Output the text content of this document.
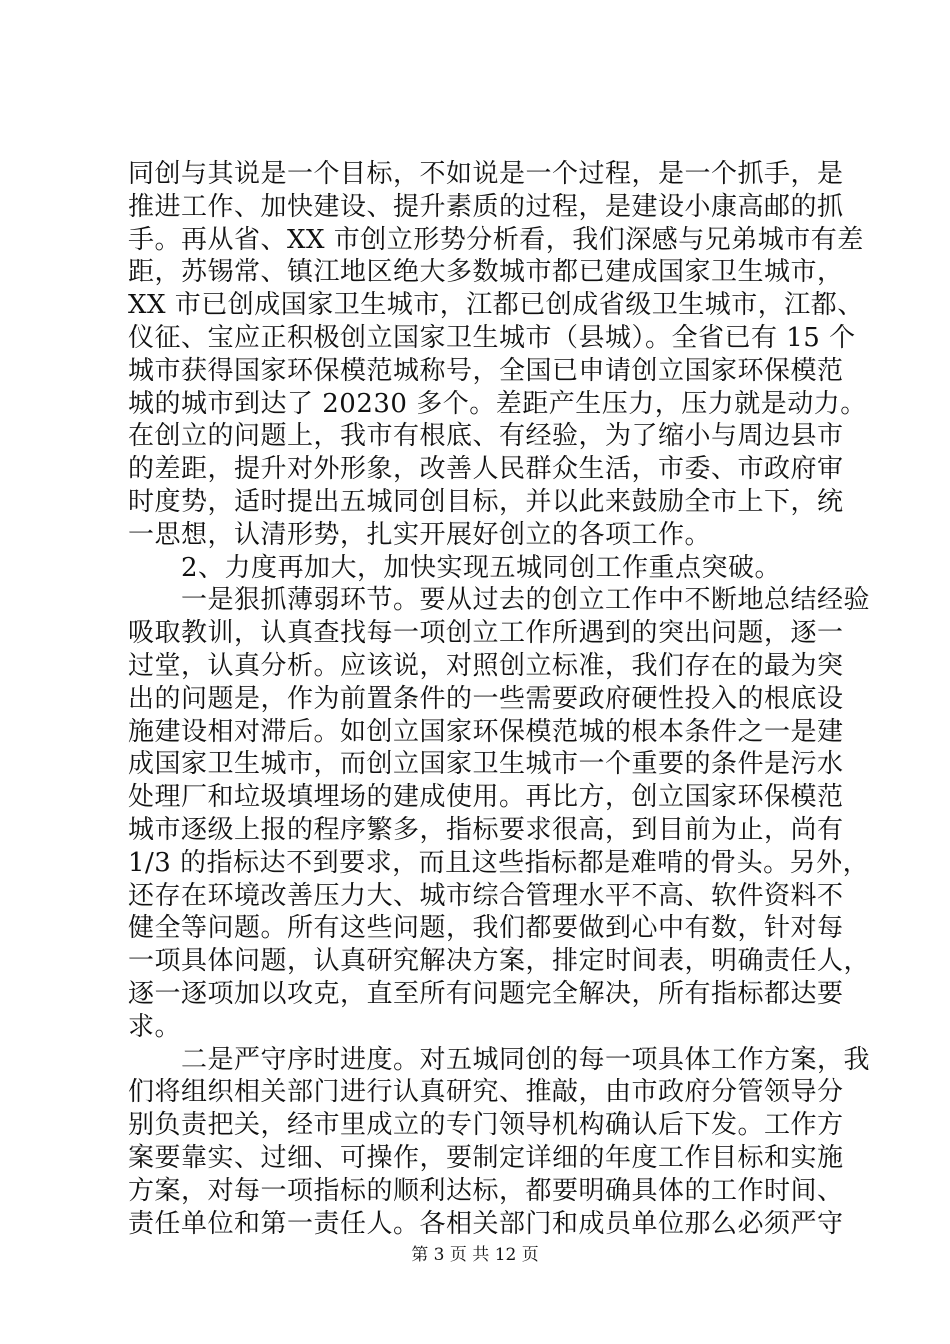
同创与其说是一个目标，不如说是一个过程，是一个抓手，是
推进工作、加快建设、提升素质的过程，是建设小康高邮的抓
手。再从省、XX 市创立形势分析看，我们深感与兄弟城市有差
距，苏锡常、镇江地区绝大多数城市都已建成国家卫生城市，
XX 市已创成国家卫生城市，江都已创成省级卫生城市，江都、
仪征、宝应正积极创立国家卫生城市（县城）。全省已有 15 个
城市获得国家环保模范城称号，全国已申请创立国家环保模范
城的城市到达了 20230 多个。差距产生压力，压力就是动力。
在创立的问题上，我市有根底、有经验，为了缩小与周边县市
的差距，提升对外形象，改善人民群众生活，市委、市政府审
时度势，适时提出五城同创目标，并以此来鼓励全市上下，统
一思想，认清形势，扎实开展好创立的各项工作。
　　2、力度再加大，加快实现五城同创工作重点突破。
　　一是狠抓薄弱环节。要从过去的创立工作中不断地总结经验
吸取教训，认真查找每一项创立工作所遇到的突出问题，逐一
过堂，认真分析。应该说，对照创立标准，我们存在的最为突
出的问题是，作为前置条件的一些需要政府硬性投入的根底设
施建设相对滞后。如创立国家环保模范城的根本条件之一是建
成国家卫生城市，而创立国家卫生城市一个重要的条件是污水
处理厂和垃圾填埋场的建成使用。再比方，创立国家环保模范
城市逐级上报的程序繁多，指标要求很高，到目前为止，尚有
1/3 的指标达不到要求，而且这些指标都是难啃的骨头。另外，
还存在环境改善压力大、城市综合管理水平不高、软件资料不
健全等问题。所有这些问题，我们都要做到心中有数，针对每
一项具体问题，认真研究解决方案，排定时间表，明确责任人，
逐一逐项加以攻克，直至所有问题完全解决，所有指标都达要
求。
　　二是严守序时进度。对五城同创的每一项具体工作方案，我
们将组织相关部门进行认真研究、推敲，由市政府分管领导分
别负责把关，经市里成立的专门领导机构确认后下发。工作方
案要靠实、过细、可操作，要制定详细的年度工作目标和实施
方案，对每一项指标的顺利达标，都要明确具体的工作时间、
责任单位和第一责任人。各相关部门和成员单位那么必须严守
第 3 页 共 12 页
